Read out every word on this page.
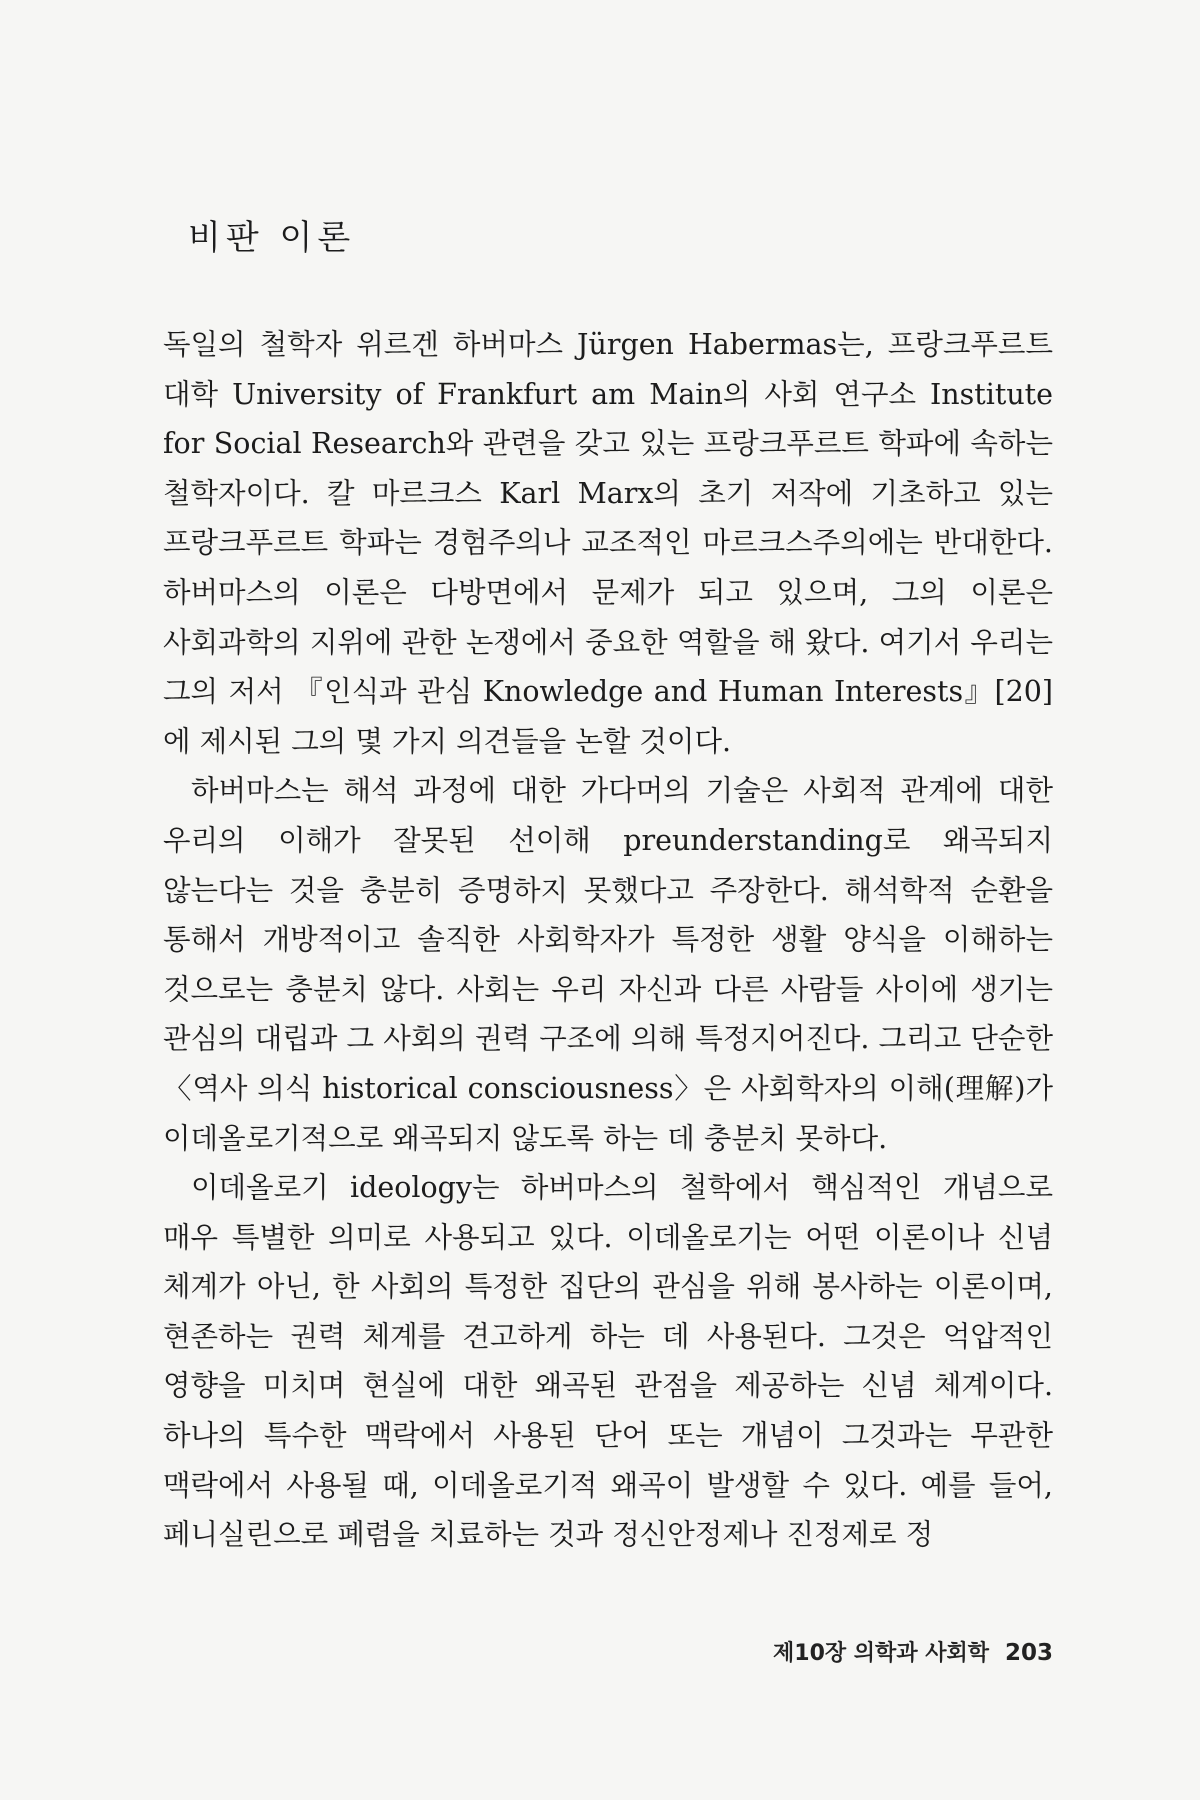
비판 이론

독일의 철학자 위르겐 하버마스 Jürgen Habermas는, 프랑크푸르트 대학 University of Frankfurt am Main의 사회 연구소 Institute for Social Research와 관련을 갖고 있는 프랑크푸르트 학파에 속하는 철학자이다. 칼 마르크스 Karl Marx의 초기 저작에 기초하고 있는 프랑크푸르트 학파는 경험주의나 교조적인 마르크스주의에는 반대한다. 하버마스의 이론은 다방면에서 문제가 되고 있으며, 그의 이론은 사회과학의 지위에 관한 논쟁에서 중요한 역할을 해 왔다. 여기서 우리는 그의 저서 『인식과 관심 Knowledge and Human Interests』[20]에 제시된 그의 몇 가지 의견들을 논할 것이다.

하버마스는 해석 과정에 대한 가다머의 기술은 사회적 관계에 대한 우리의 이해가 잘못된 선이해 preunderstanding로 왜곡되지 않는다는 것을 충분히 증명하지 못했다고 주장한다. 해석학적 순환을 통해서 개방적이고 솔직한 사회학자가 특정한 생활 양식을 이해하는 것으로는 충분치 않다. 사회는 우리 자신과 다른 사람들 사이에 생기는 관심의 대립과 그 사회의 권력 구조에 의해 특정지어진다. 그리고 단순한 〈역사 의식 historical consciousness〉은 사회학자의 이해(理解)가 이데올로기적으로 왜곡되지 않도록 하는 데 충분치 못하다.

이데올로기 ideology는 하버마스의 철학에서 핵심적인 개념으로 매우 특별한 의미로 사용되고 있다. 이데올로기는 어떤 이론이나 신념 체계가 아닌, 한 사회의 특정한 집단의 관심을 위해 봉사하는 이론이며, 현존하는 권력 체계를 견고하게 하는 데 사용된다. 그것은 억압적인 영향을 미치며 현실에 대한 왜곡된 관점을 제공하는 신념 체계이다. 하나의 특수한 맥락에서 사용된 단어 또는 개념이 그것과는 무관한 맥락에서 사용될 때, 이데올로기적 왜곡이 발생할 수 있다. 예를 들어, 페니실린으로 폐렴을 치료하는 것과 정신안정제나 진정제로 정

제10장 의학과 사회학 203
